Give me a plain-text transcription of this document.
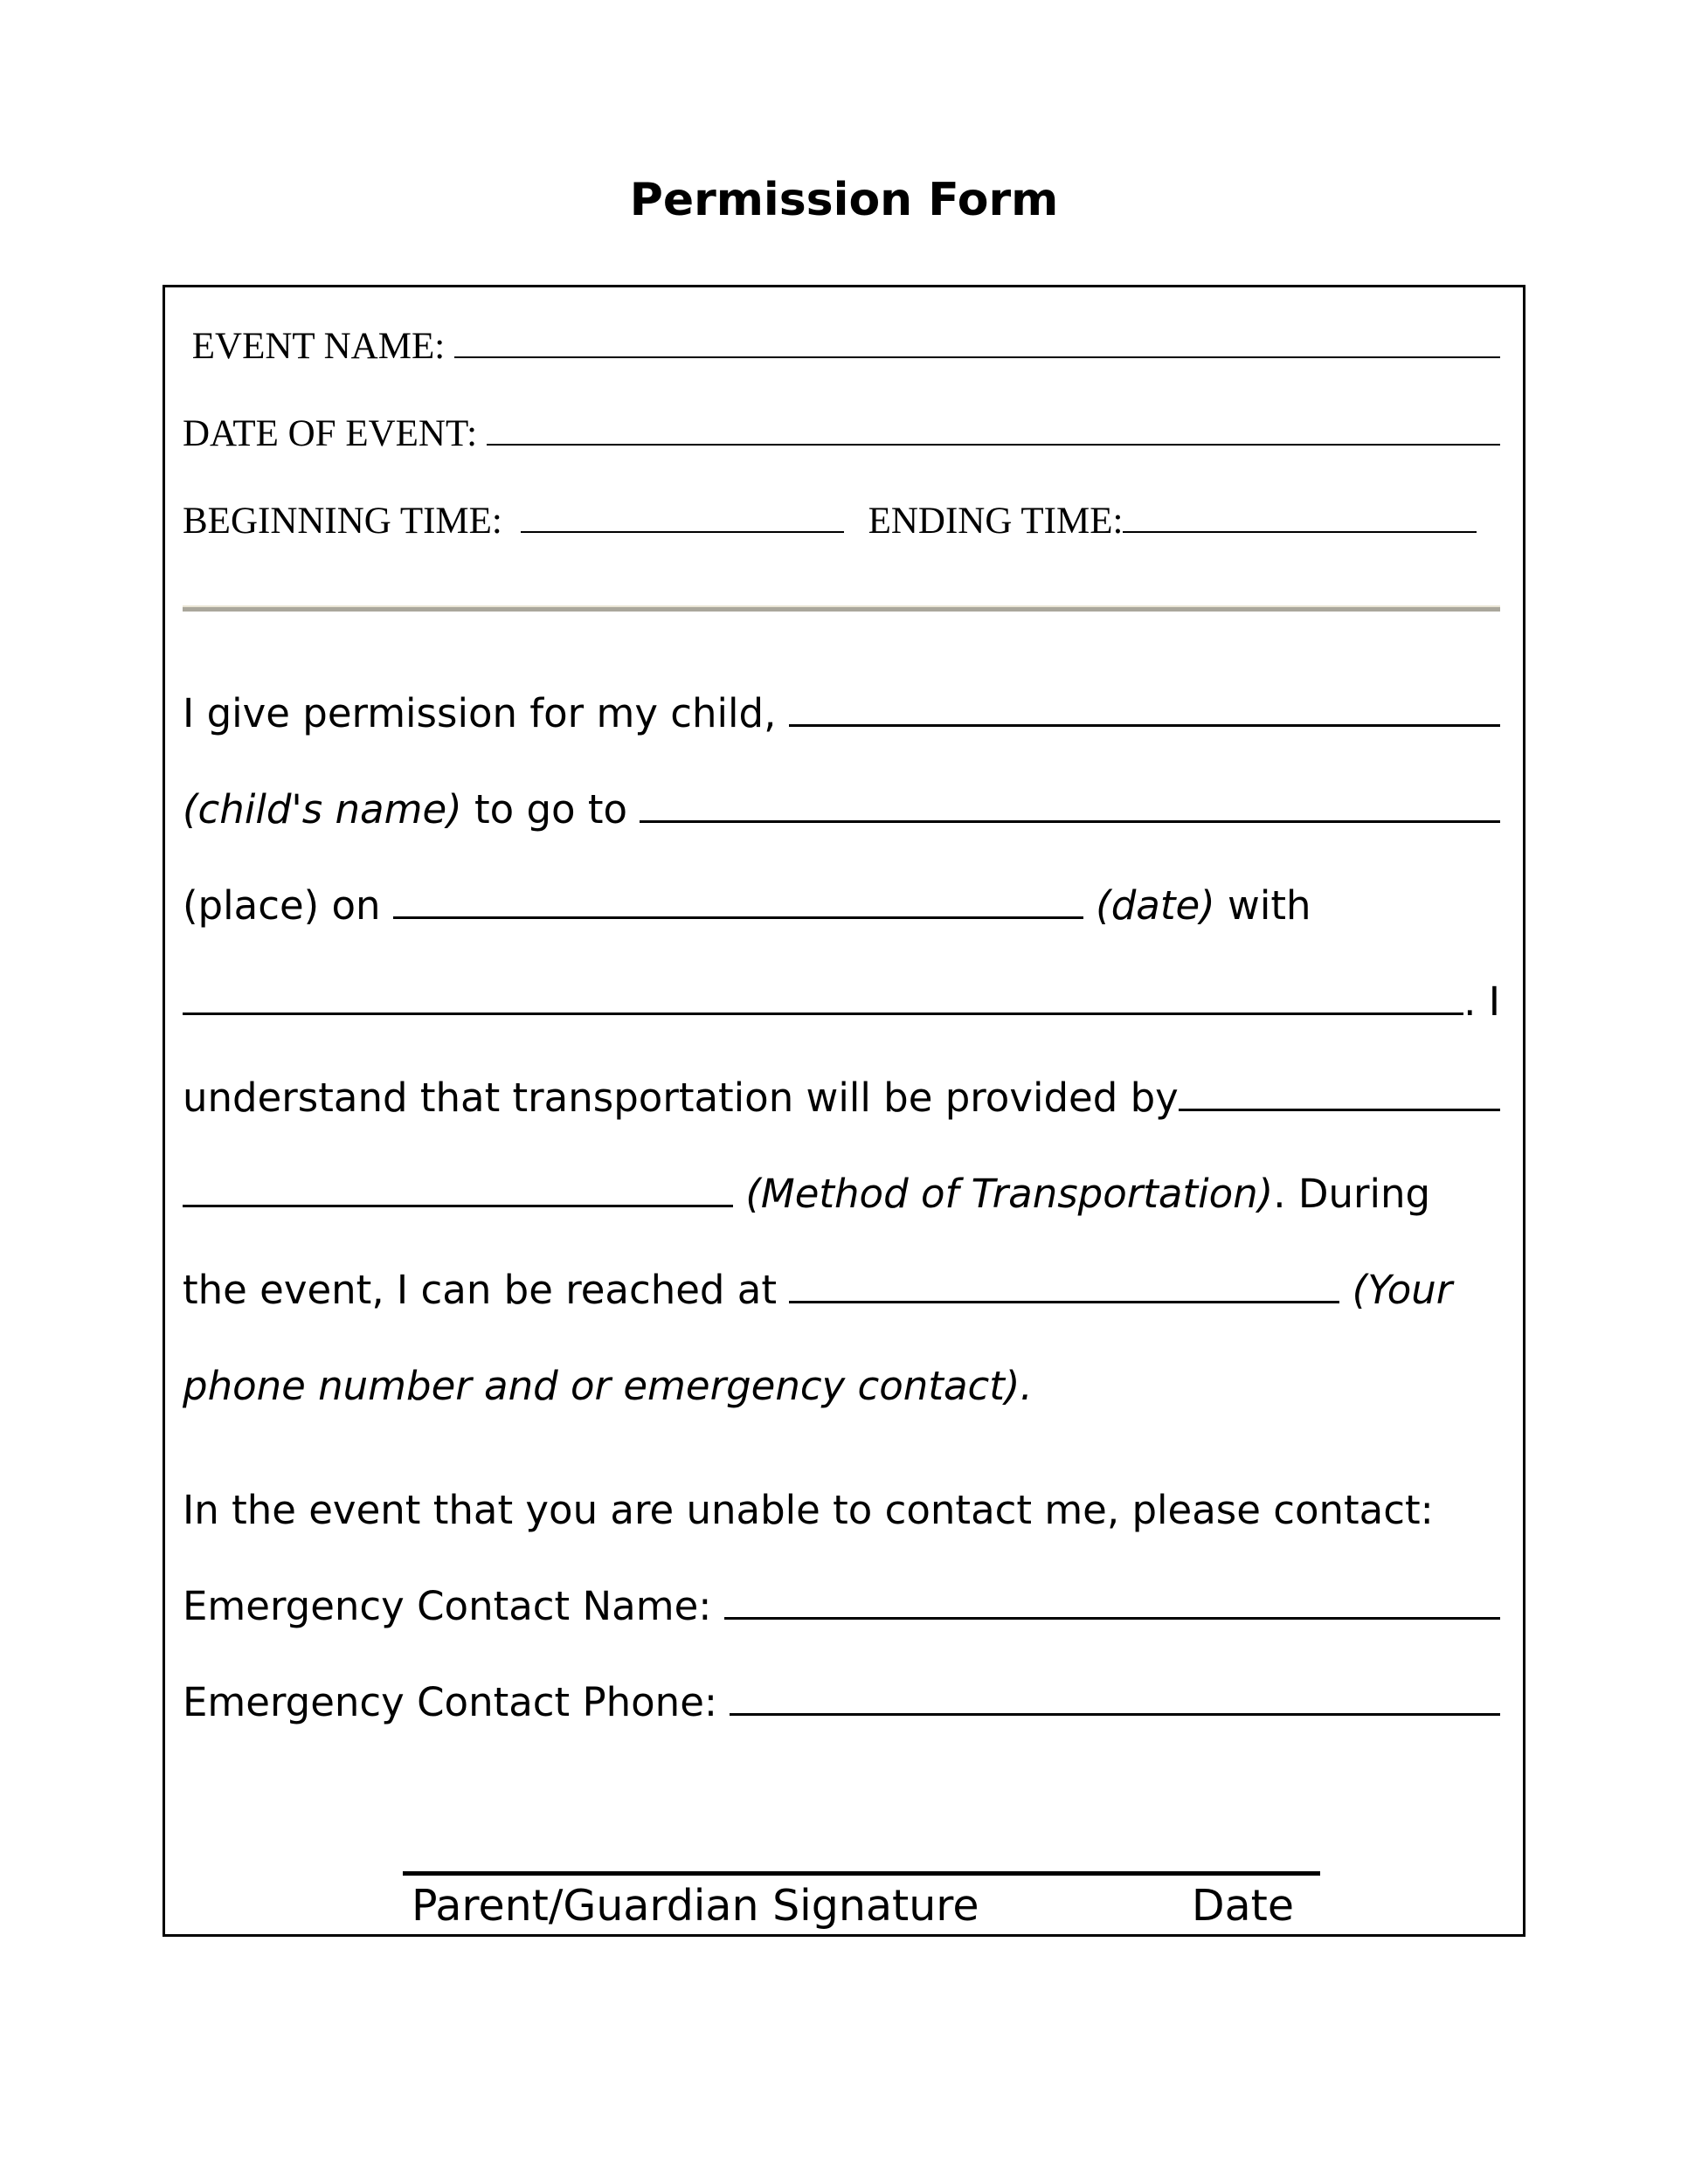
Permission Form
EVENT NAME:
DATE OF EVENT:
BEGINNING TIME:	ENDING TIME:
I give permission for my child,
(child's name) to go to
(place) on
	(date) with
. I
understand that transportation will be provided by

(Method of Transportation) . During
the event, I can be reached at
	(Your
phone number and or emergency contact).
In the event that you are unable to contact me, please contact:
Emergency Contact Name:
Emergency Contact Phone:
Parent/Guardian Signature	Date
